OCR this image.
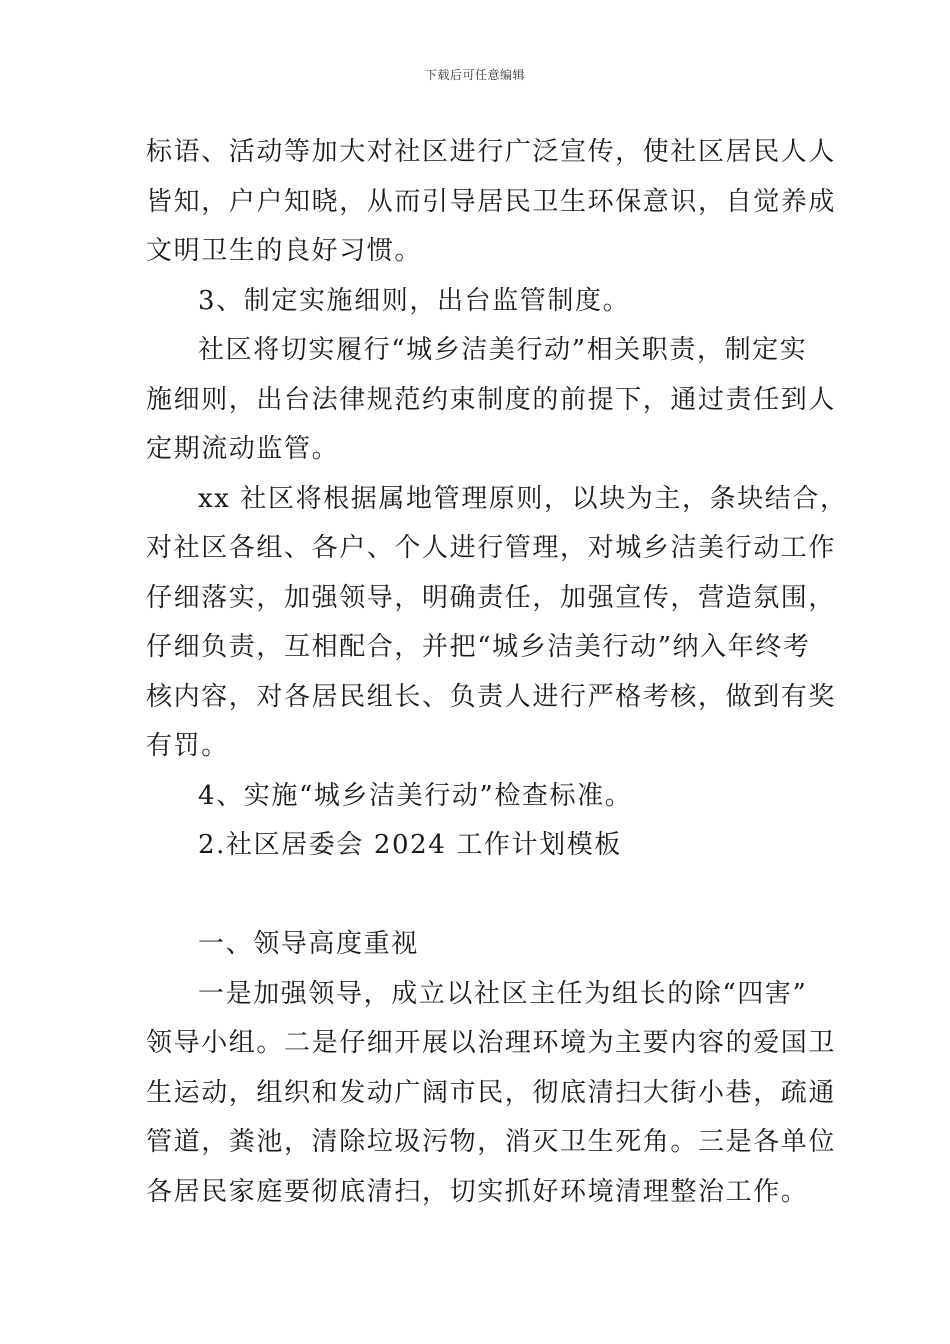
下载后可任意编辑
标语、活动等加大对社区进行广泛宣传，使社区居民人人
皆知，户户知晓，从而引导居民卫生环保意识，自觉养成
文明卫生的良好习惯。
3、制定实施细则，出台监管制度。
社区将切实履行“城乡洁美行动”相关职责，制定实
施细则，出台法律规范约束制度的前提下，通过责任到人
定期流动监管。
xx 社区将根据属地管理原则，以块为主，条块结合，
对社区各组、各户、个人进行管理，对城乡洁美行动工作
仔细落实，加强领导，明确责任，加强宣传，营造氛围，
仔细负责，互相配合，并把“城乡洁美行动”纳入年终考
核内容，对各居民组长、负责人进行严格考核，做到有奖
有罚。
4、实施“城乡洁美行动”检查标准。
2.社区居委会 2024 工作计划模板
一、领导高度重视
一是加强领导，成立以社区主任为组长的除“四害”
领导小组。二是仔细开展以治理环境为主要内容的爱国卫
生运动，组织和发动广阔市民，彻底清扫大街小巷，疏通
管道，粪池，清除垃圾污物，消灭卫生死角。三是各单位
各居民家庭要彻底清扫，切实抓好环境清理整治工作。
